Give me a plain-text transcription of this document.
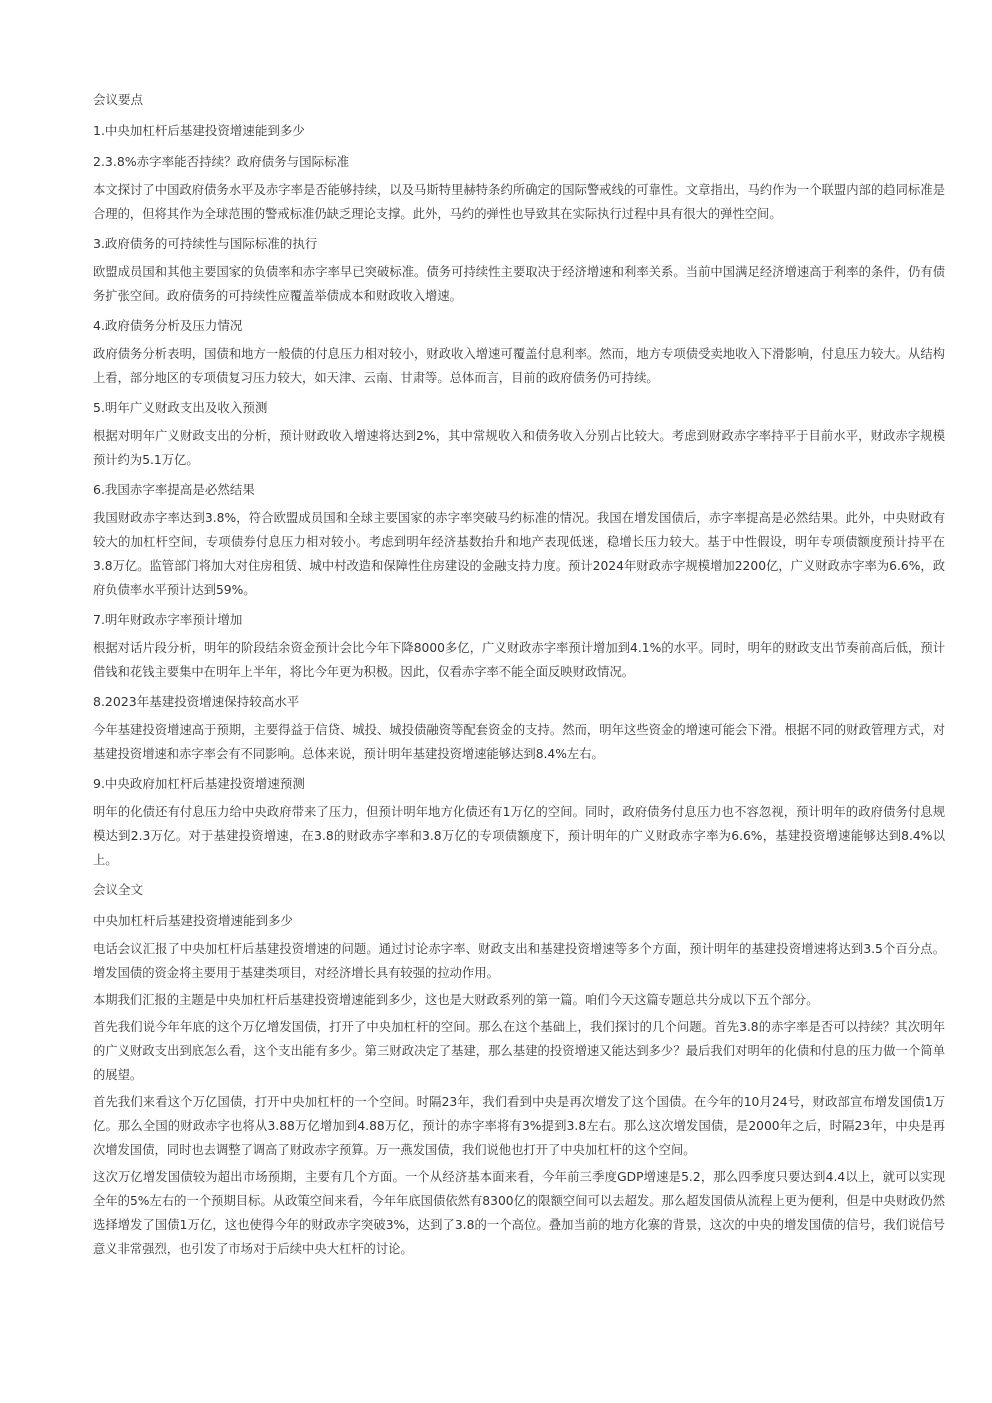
会议要点
1.中央加杠杆后基建投资增速能到多少
2.3.8%赤字率能否持续？政府债务与国际标准
本文探讨了中国政府债务水平及赤字率是否能够持续，以及马斯特里赫特条约所确定的国际警戒线的可靠性。文章指出，马约作为一个联盟内部的趋同标准是合理的，但将其作为全球范围的警戒标准仍缺乏理论支撑。此外，马约的弹性也导致其在实际执行过程中具有很大的弹性空间。
3.政府债务的可持续性与国际标准的执行
欧盟成员国和其他主要国家的负债率和赤字率早已突破标准。债务可持续性主要取决于经济增速和利率关系。当前中国满足经济增速高于利率的条件，仍有债务扩张空间。政府债务的可持续性应覆盖举债成本和财政收入增速。
4.政府债务分析及压力情况
政府债务分析表明，国债和地方一般债的付息压力相对较小，财政收入增速可覆盖付息利率。然而，地方专项债受卖地收入下滑影响，付息压力较大。从结构上看，部分地区的专项债复习压力较大，如天津、云南、甘肃等。总体而言，目前的政府债务仍可持续。
5.明年广义财政支出及收入预测
根据对明年广义财政支出的分析，预计财政收入增速将达到2%，其中常规收入和债务收入分别占比较大。考虑到财政赤字率持平于目前水平，财政赤字规模预计约为5.1万亿。
6.我国赤字率提高是必然结果
我国财政赤字率达到3.8%，符合欧盟成员国和全球主要国家的赤字率突破马约标准的情况。我国在增发国债后，赤字率提高是必然结果。此外，中央财政有较大的加杠杆空间，专项债券付息压力相对较小。考虑到明年经济基数抬升和地产表现低迷，稳增长压力较大。基于中性假设，明年专项债额度预计持平在3.8万亿。监管部门将加大对住房租赁、城中村改造和保障性住房建设的金融支持力度。预计2024年财政赤字规模增加2200亿，广义财政赤字率为6.6%，政府负债率水平预计达到59%。
7.明年财政赤字率预计增加
根据对话片段分析，明年的阶段结余资金预计会比今年下降8000多亿，广义财政赤字率预计增加到4.1%的水平。同时，明年的财政支出节奏前高后低，预计借钱和花钱主要集中在明年上半年，将比今年更为积极。因此，仅看赤字率不能全面反映财政情况。
8.2023年基建投资增速保持较高水平
今年基建投资增速高于预期，主要得益于信贷、城投、城投债融资等配套资金的支持。然而，明年这些资金的增速可能会下滑。根据不同的财政管理方式，对基建投资增速和赤字率会有不同影响。总体来说，预计明年基建投资增速能够达到8.4%左右。
9.中央政府加杠杆后基建投资增速预测
明年的化债还有付息压力给中央政府带来了压力，但预计明年地方化债还有1万亿的空间。同时，政府债务付息压力也不容忽视，预计明年的政府债务付息规模达到2.3万亿。对于基建投资增速，在3.8的财政赤字率和3.8万亿的专项债额度下，预计明年的广义财政赤字率为6.6%，基建投资增速能够达到8.4%以上。
会议全文
中央加杠杆后基建投资增速能到多少
电话会议汇报了中央加杠杆后基建投资增速的问题。通过讨论赤字率、财政支出和基建投资增速等多个方面，预计明年的基建投资增速将达到3.5个百分点。增发国债的资金将主要用于基建类项目，对经济增长具有较强的拉动作用。
本期我们汇报的主题是中央加杠杆后基建投资增速能到多少，这也是大财政系列的第一篇。咱们今天这篇专题总共分成以下五个部分。
首先我们说今年年底的这个万亿增发国债，打开了中央加杠杆的空间。那么在这个基础上，我们探讨的几个问题。首先3.8的赤字率是否可以持续？其次明年的广义财政支出到底怎么看，这个支出能有多少。第三财政决定了基建，那么基建的投资增速又能达到多少？最后我们对明年的化债和付息的压力做一个简单的展望。
首先我们来看这个万亿国债，打开中央加杠杆的一个空间。时隔23年，我们看到中央是再次增发了这个国债。在今年的10月24号，财政部宣布增发国债1万亿。那么全国的财政赤字也将从3.88万亿增加到4.88万亿，预计的赤字率将有3%提到3.8左右。那么这次增发国债，是2000年之后，时隔23年，中央是再次增发国债，同时也去调整了调高了财政赤字预算。万一燕发国债，我们说他也打开了中央加杠杆的这个空间。
这次万亿增发国债较为超出市场预期，主要有几个方面。一个从经济基本面来看，今年前三季度GDP增速是5.2，那么四季度只要达到4.4以上，就可以实现全年的5%左右的一个预期目标。从政策空间来看，今年年底国债依然有8300亿的限额空间可以去超发。那么超发国债从流程上更为便利，但是中央财政仍然选择增发了国债1万亿，这也使得今年的财政赤字突破3%，达到了3.8的一个高位。叠加当前的地方化寨的背景，这次的中央的增发国债的信号，我们说信号意义非常强烈，也引发了市场对于后续中央大杠杆的讨论。
